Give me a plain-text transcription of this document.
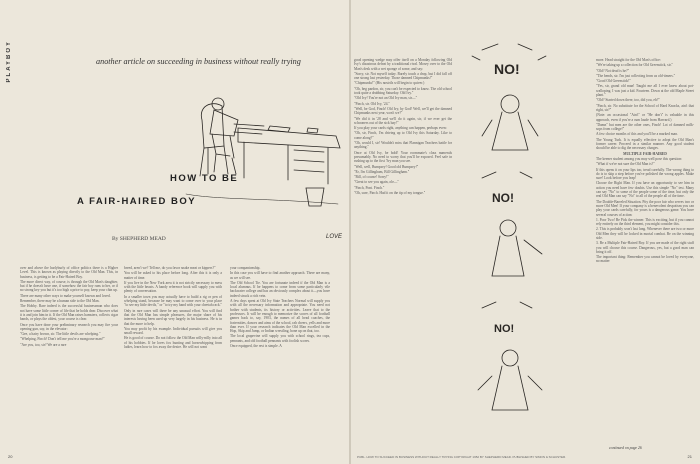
PLAYBOY	another article on succeeding in business without really trying
LOVE
HOW TO BE
A FAIR-HAIRED BOY
By SHEPHERD MEAD

over and above the hurlyburly of office politics there is a Higher Level. This is known as playing directly to the Old Man. This, in business, is getting to be a Fair-Haired Boy.

The more direct way, of course, is through the Old Man's daughter, but if he doesn't have one, if somehow the fair boy runs to her, or if no strong key you but it's too high a price to pay, keep your chin up.

There are many other ways to make yourself known and loved.

Remember, there may be a human side to the Old Man.

The Hobby. Rare indeed is the successful businessman who does not have some little corner of life that he holds dear. Discover what it is and join him in it. If the Old Man raises hamsters, collects cigar bands, or plays the oldest, your course is clear.

Once you have done your preliminary research you may fire your opening gun, say, in the elevator:

"Gee, a hairy brown, sir. The little devils are whelping."

"Whelping, Finch? Don't tell me you're a mongoose man?"

"Are you, too, sir? We are a rare

breed, aren't we? Tell me, do you favor snake meat or kippers?"

You will be asked to his place before long. After this it is only a matter of time.

If you live in the New York area it is not strictly necessary to mess with the little beasts. A handy reference book will supply you with plenty of conversation.

In a smaller town you may actually have to build a rig or pen of whelping stand, because he may want to come over to your place "to see my little devils," or "to try my hand with your cheetah rack."

Only in rare cases will there be any unusual effort. You will find that the Old Man has simple pleasures, the major share of his interests having been used up very largely in his business. He is in that the more to help.

You may profit by his example. Individual pursuits will give you small reward.

He is good of course. Do not follow the Old Man willy-nilly into all of his hobbies. If he loves fox hunting and horsewhipping from ladies, learn how to fox away the desire. He will not want

your companionship.

In this case you will have to find another approach. There are many, as we will see.

The Old School Tie. You are fortunate indeed if the Old Man is a local alumnus. If he happens to come from some particularly vile backwater college and has an obviously complex about it—you have indeed struck a rich vein.

A few days spent at Old Ivy State Teachers Normal will supply you with all the necessary information and appropriate. You need not bother with students, its history or activities. Leave that to the professors. It will be enough to memorize the scores of all football games back to, say, 1903, the names of all head coaches, the fraternities, dances and aims of the school, rah cheers, yells and more than ever. If your research indicates the Old Man excelled in the Hop, Skip and Jump, or Indian wrestling, bone up on that, too.

The local grapevine will supply you with school rings, tea cups, pennants, and old football pennants with foolish scores.

Once equipped, the rest is simple. A

20

good opening wedge may offer itself on a Monday following Old Ivy's disastrous defeat by a traditional rival. Mosey over to the Old Man's desk with a wet sponge of some, and say:

"Sorry, sir. Not myself today. Barely touch a drop, but I did fall off one strong last yesterday. Those damned Chipmunks!"

"Chipmunks!" (His nostrils will begin to quiver.)

"Oh, beg pardon, sir, you can't be expected to know. The old school took quite a drubbing Saturday. Old Ivy."

"Old Ivy! You're not an Old Ivy man, sir—"

"Finch, sir. Old Ivy, '24."

"Well, be God, Finch! Old Ivy, by God! Well, we'll get the damned Chipmunks next year, won't we?"

"We did it in '28 and we'll do it again, sir, if we ever get the schooners out of the sick bay!"

If you play your cards right, anything can happen, perhaps even:

"Oh, sir, Finch, I'm driving up to Old Ivy this Saturday. Like to come along?"

"Oh, would I, sir! Wouldn't miss that Flannigan Teachers battle for anything."

Once at Old Ivy, be bold! Your roommate's class numerals presumably. No need to worry that you'll be exposed. Feel safe in rushing up to the first 'Ivy man you see.

"Well, well, Bumpsey! Good old Bumpsey!"

"Er, I'm Gillingham, Bill Gillingham."

"Bill, of course! Sorry!"

"Great to see you again, ole—"

"Finch, Pont. Finch."

"Oh, sure, Finch. Had it on the tip of my tongue."

NO!
NO!
NO!

more. Head straight for the Old Man's office:

"We're taking up a collection for Old Greenstick, sir."

"Old? Not dead is he?"

"The bends, sir. I'm just collecting from us old-timers."

"Good Old Greenstick!"

"Yes, sir, grand old man! Taught me all I ever knew about pot-walloping. I was just a kid. Fourteen. Down at the old Maple Street plant."

"Old? Started down there, too, did you, eh?"

"Finch, sir. No substitute for the School of Hard Knocks, ain't that right, sir?"

(Note: an occasional "Ain't" or "He don't" is valuable in this approach, even if you're a cum laude from Harvard.)

"Damn" but men are the other ones, Finch! Lot of damned milk-sops from college!"

A few choice months of this and you'll be a marked man.

The Young Turk. It is equally effective to adopt the Old Man's former career. Proceed in a similar manner. Any good student should be able to dig the necessary charges.

MULTIPLE FAIR-HAIRED

The keener student among you may well pose this question:

"What if we're not sure the Old Man is?"

If this opens it on your lips too, tread carefully. The wrong thing to do is to skip a step before you've polished the wrong apples. Make sure! Look before you leap!

Choose the Right Man. If you have an opportunity to see him in action you need have few doubts. Use this simple "No" test. Many can say "No" to some of the people some of the time, but only the real Old Man can say "No" to all of the people all of the time.

The Double-Barreled Situation. Pity the poor fair who serves two or more Old Men! If your company is a benevolent despotism you can play your cards carefully, for yours is a dangerous game. You have several courses of action:

1. Poor Two! Be Pick the winner. This is exciting, but if you cannot rely entirely on the third element, you might consider this.

2. This is probably won't last long. Whenever there are two or more Old Men they will be locked in mortal combat. Be on the winning side.

3. Be a Multiple Fair-Haired Boy. If you are made of the right stuff you will choose this course. Dangerous, yes, but a good man can bring it off.

The important thing: Remember you cannot be loved by everyone, no matter

continued on page 26
PUBL. HOW TO SUCCEED IN BUSINESS WITHOUT REALLY TRYING COPYRIGHT 1952 BY SHEPHERD MEAD. PUBLISHED BY SIMON & SCHUSTER.	21
